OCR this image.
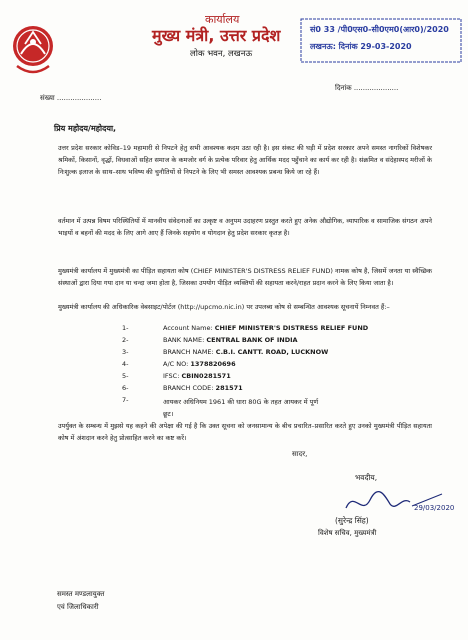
कार्यालय
मुख्य मंत्री, उत्तर प्रदेश
लोक भवन, लखनऊ
सं0 33 /पी0एस0-सी0एम0(आर0)/2020
लखनऊ: दिनांक 29-03-2020
संख्या ....................
दिनांक ....................
प्रिय महोदय/महोदया,
उत्तर प्रदेश सरकार कोविड–19 महामारी से निपटने हेतु सभी आवश्यक कदम उठा रही है। इस संकट की घड़ी में प्रदेश सरकार अपने समस्त नागरिकों विशेषकर श्रमिकों, किसानों, वृद्धों, विधवाओं सहित समाज के कमजोर वर्ग के प्रत्येक परिवार हेतु आर्थिक मदद पहुँचाने का कार्य कर रही है। संक्रमित व संदेहास्पद मरीजों के निःशुल्क इलाज के साथ–साथ भविष्य की चुनौतियों से निपटने के लिए भी समस्त आवश्यक प्रबन्ध किये जा रहे हैं।
वर्तमान में उत्पन्न विषम परिस्थितियों में मानवीय संवेदनाओं का उत्कृष्ट व अनुपम उदाहरण प्रस्तुत करते हुए अनेक औद्योगिक, व्यापारिक व सामाजिक संगठन अपने भाइयों व बहनों की मदद के लिए आगे आए हैं जिनके सहयोग व योगदान हेतु प्रदेश सरकार कृतज्ञ है।
मुख्यमंत्री कार्यालय में मुख्यमंत्री का पीड़ित सहायता कोष (CHIEF MINISTER'S DISTRESS RELIEF FUND) नामक कोष है, जिसमें जनता या स्वैच्छिक संस्थाओं द्वारा दिया गया दान या चन्दा जमा होता है, जिसका उपयोग पीड़ित व्यक्तियों की सहायता करने/राहत प्रदान करने के लिए किया जाता है।
मुख्यमंत्री कार्यालय की अधिकारिक वेबसाइट/पोर्टल (http://upcmo.nic.in) पर उपलब्ध कोष से सम्बन्धित आवश्यक सूचनायें निम्नवत हैं:–
1-	Account Name: CHIEF MINISTER'S DISTRESS RELIEF FUND
2-	BANK NAME: CENTRAL BANK OF INDIA
3-	BRANCH NAME: C.B.I. CANTT. ROAD, LUCKNOW
4-	A/C NO: 1378820696
5-	IFSC: CBIN0281571
6-	BRANCH CODE: 281571
7-	आयकर अधिनियम 1961 की धारा 80G के तहत आयकर में पूर्ण छूट।
उपर्युक्त के सम्बन्ध में मुझसे यह कहने की अपेक्षा की गई है कि उक्त सूचना को जनसामान्य के बीच प्रचारित–प्रसारित करते हुए उनको मुख्यमंत्री पीड़ित सहायता कोष में अंशदान करने हेतु प्रोत्साहित करने का कष्ट करें।
सादर,
भवदीय,
29/03/2020
(सुरेन्द्र सिंह)
विशेष सचिव, मुख्यमंत्री
समस्त मण्डलायुक्त
एवं जिलाधिकारी
